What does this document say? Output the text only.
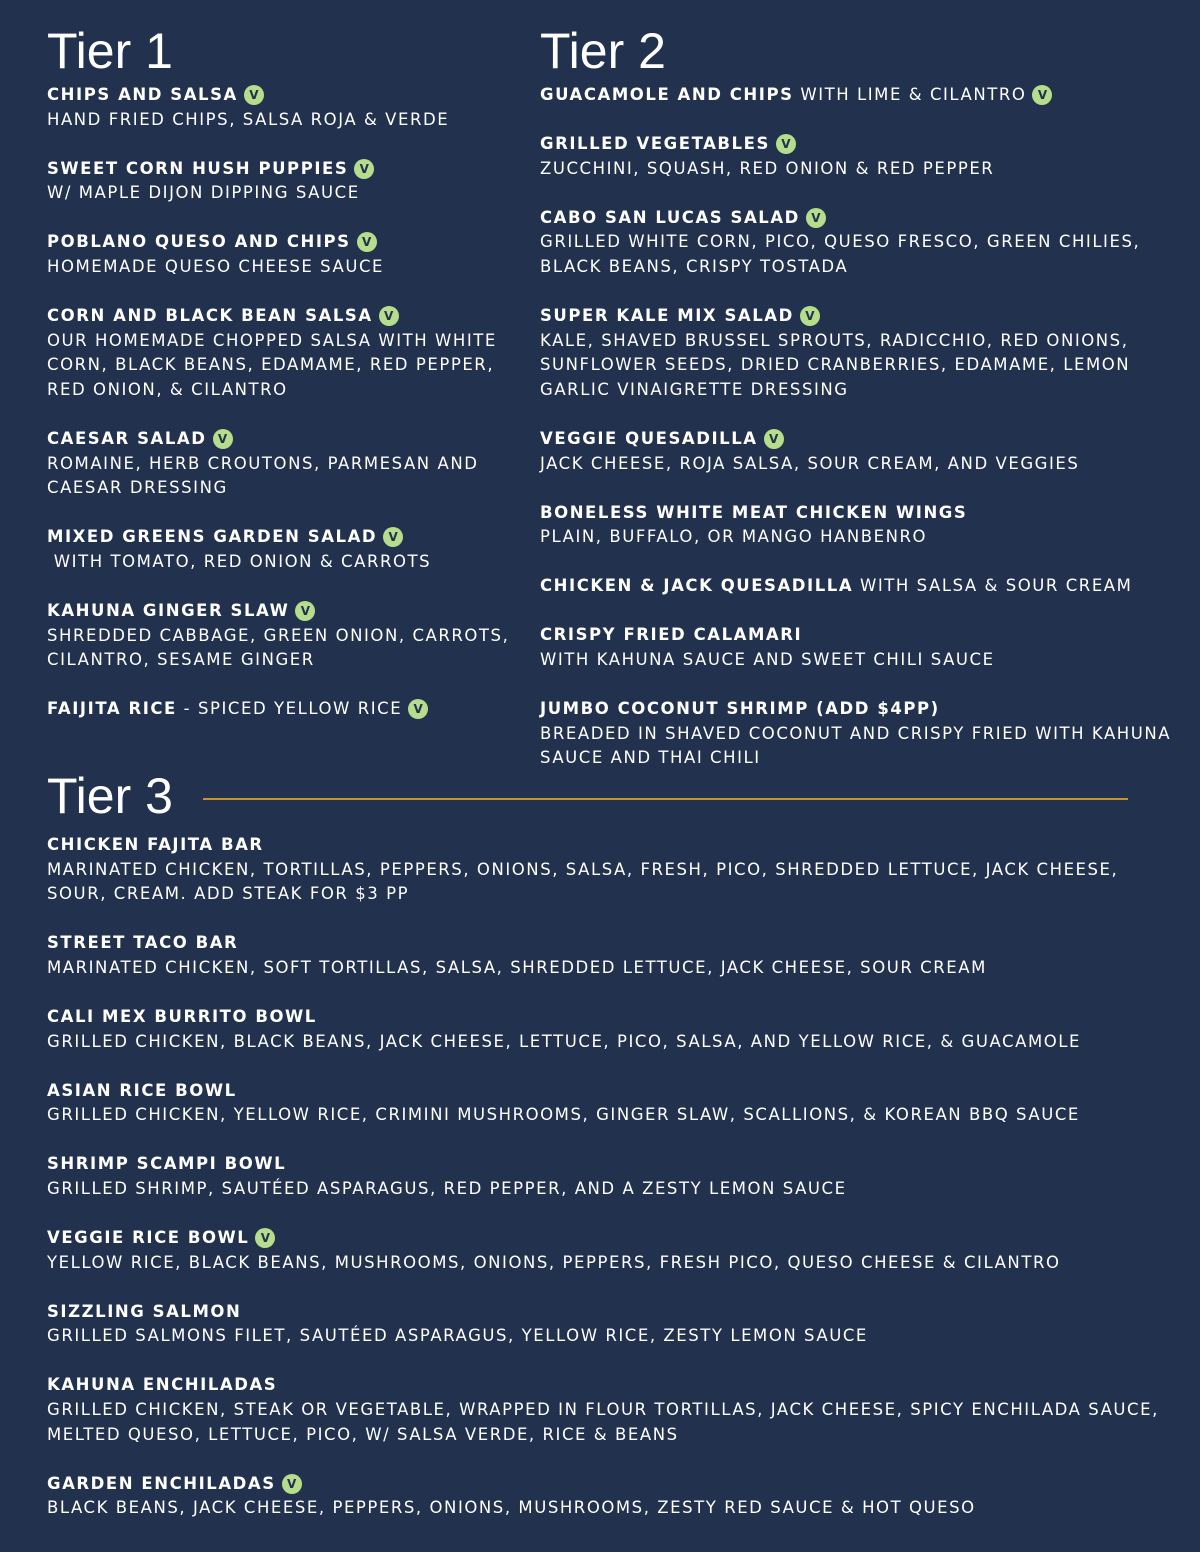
Tier 1

CHIPS AND SALSA V

HAND FRIED CHIPS, SALSA ROJA & VERDE

SWEET CORN HUSH PUPPIES V

W/ MAPLE DIJON DIPPING SAUCE

POBLANO QUESO AND CHIPS V

HOMEMADE QUESO CHEESE SAUCE

CORN AND BLACK BEAN SALSA V

OUR HOMEMADE CHOPPED SALSA WITH WHITE CORN, BLACK BEANS, EDAMAME, RED PEPPER, RED ONION, & CILANTRO

CAESAR SALAD V

ROMAINE, HERB CROUTONS, PARMESAN AND CAESAR DRESSING

MIXED GREENS GARDEN SALAD V

WITH TOMATO, RED ONION & CARROTS

KAHUNA GINGER SLAW V

SHREDDED CABBAGE, GREEN ONION, CARROTS, CILANTRO, SESAME GINGER

FAIJITA RICE - SPICED YELLOW RICE V

Tier 2

GUACAMOLE AND CHIPS WITH LIME & CILANTRO V

GRILLED VEGETABLES V

ZUCCHINI, SQUASH, RED ONION & RED PEPPER

CABO SAN LUCAS SALAD V

GRILLED WHITE CORN, PICO, QUESO FRESCO, GREEN CHILIES, BLACK BEANS, CRISPY TOSTADA

SUPER KALE MIX SALAD V

KALE, SHAVED BRUSSEL SPROUTS, RADICCHIO, RED ONIONS, SUNFLOWER SEEDS, DRIED CRANBERRIES, EDAMAME, LEMON GARLIC VINAIGRETTE DRESSING

VEGGIE QUESADILLA V

JACK CHEESE, ROJA SALSA, SOUR CREAM, AND VEGGIES

BONELESS WHITE MEAT CHICKEN WINGS

PLAIN, BUFFALO, OR MANGO HANBENRO

CHICKEN & JACK QUESADILLA WITH SALSA & SOUR CREAM

CRISPY FRIED CALAMARI

WITH KAHUNA SAUCE AND SWEET CHILI SAUCE

JUMBO COCONUT SHRIMP (ADD $4PP)

BREADED IN SHAVED COCONUT AND CRISPY FRIED WITH KAHUNA SAUCE AND THAI CHILI

Tier 3

CHICKEN FAJITA BAR

MARINATED CHICKEN, TORTILLAS, PEPPERS, ONIONS, SALSA, FRESH, PICO, SHREDDED LETTUCE, JACK CHEESE, SOUR, CREAM. ADD STEAK FOR $3 PP

STREET TACO BAR

MARINATED CHICKEN, SOFT TORTILLAS, SALSA, SHREDDED LETTUCE, JACK CHEESE, SOUR CREAM

CALI MEX BURRITO BOWL

GRILLED CHICKEN, BLACK BEANS, JACK CHEESE, LETTUCE, PICO, SALSA, AND YELLOW RICE, & GUACAMOLE

ASIAN RICE BOWL

GRILLED CHICKEN, YELLOW RICE, CRIMINI MUSHROOMS, GINGER SLAW, SCALLIONS, & KOREAN BBQ SAUCE

SHRIMP SCAMPI BOWL

GRILLED SHRIMP, SAUTÉED ASPARAGUS, RED PEPPER, AND A ZESTY LEMON SAUCE

VEGGIE RICE BOWL V

YELLOW RICE, BLACK BEANS, MUSHROOMS, ONIONS, PEPPERS, FRESH PICO, QUESO CHEESE & CILANTRO

SIZZLING SALMON

GRILLED SALMONS FILET, SAUTÉED ASPARAGUS, YELLOW RICE, ZESTY LEMON SAUCE

KAHUNA ENCHILADAS

GRILLED CHICKEN, STEAK OR VEGETABLE, WRAPPED IN FLOUR TORTILLAS, JACK CHEESE, SPICY ENCHILADA SAUCE, MELTED QUESO, LETTUCE, PICO, W/ SALSA VERDE, RICE & BEANS

GARDEN ENCHILADAS V

BLACK BEANS, JACK CHEESE, PEPPERS, ONIONS, MUSHROOMS, ZESTY RED SAUCE & HOT QUESO
